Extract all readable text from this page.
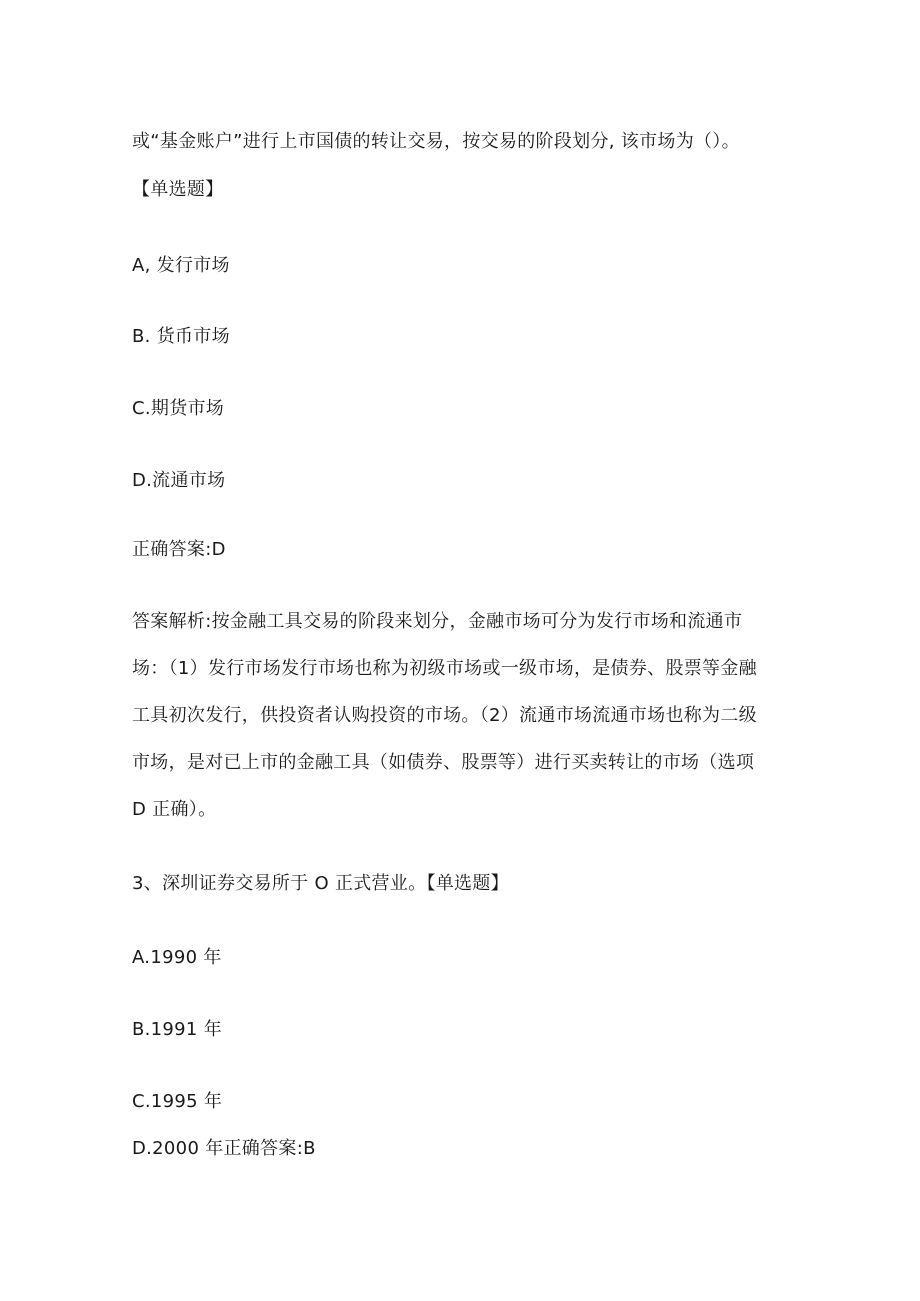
或“基金账户”进行上市国债的转让交易，按交易的阶段划分, 该市场为（）。
【单选题】
A, 发行市场
B. 货币市场
C.期货市场
D.流通市场
正确答案:D
答案解析:按金融工具交易的阶段来划分，金融市场可分为发行市场和流通市
场：（1）发行市场发行市场也称为初级市场或一级市场，是债券、股票等金融
工具初次发行，供投资者认购投资的市场。（2）流通市场流通市场也称为二级
市场，是对已上市的金融工具（如债券、股票等）进行买卖转让的市场（选项
D 正确）。
3、深圳证券交易所于 O 正式营业。【单选题】
A.1990 年
B.1991 年
C.1995 年
D.2000 年正确答案:B
